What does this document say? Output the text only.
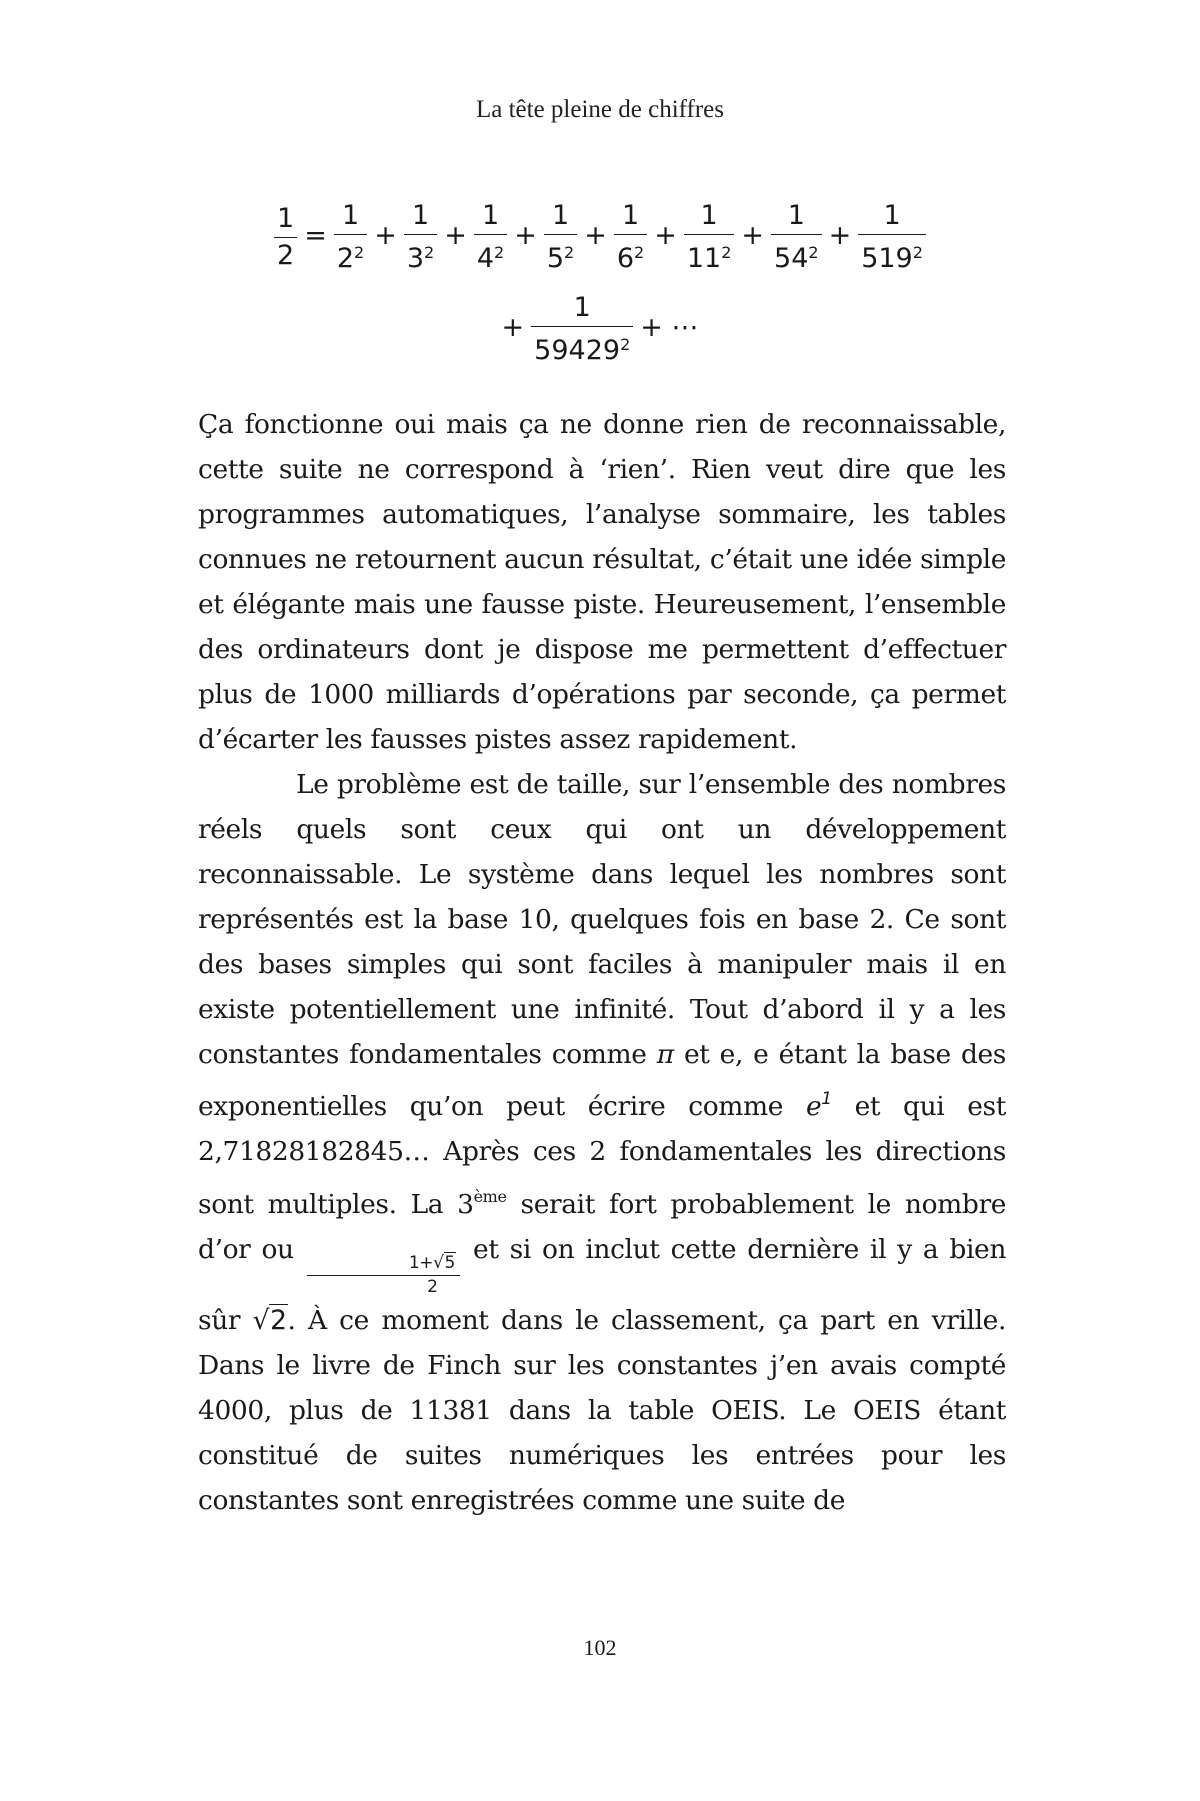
La tête pleine de chiffres
$\frac{1}{2} = \frac{1}{2^2} + \frac{1}{3^2} + \frac{1}{4^2} + \frac{1}{5^2} + \frac{1}{6^2} + \frac{1}{11^2} + \frac{1}{54^2} + \frac{1}{519^2}$
+ $\frac{1}{59429^2}$ + ⋯

Ça fonctionne oui mais ça ne donne rien de reconnaissable, cette suite ne correspond à ‘rien’. Rien veut dire que les programmes automatiques, l’analyse sommaire, les tables connues ne retournent aucun résultat, c’était une idée simple et élégante mais une fausse piste. Heureusement, l’ensemble des ordinateurs dont je dispose me permettent d’effectuer plus de 1000 milliards d’opérations par seconde, ça permet d’écarter les fausses pistes assez rapidement.

Le problème est de taille, sur l’ensemble des nombres réels quels sont ceux qui ont un développement reconnaissable. Le système dans lequel les nombres sont représentés est la base 10, quelques fois en base 2. Ce sont des bases simples qui sont faciles à manipuler mais il en existe potentiellement une infinité. Tout d’abord il y a les constantes fondamentales comme π et e, e étant la base des exponentielles qu’on peut écrire comme $e^1$ et qui est 2,71828182845… Après ces 2 fondamentales les directions sont multiples. La 3ème serait fort probablement le nombre d’or ou
$\frac{1+√5}{2}$
et si on inclut cette dernière il y a bien sûr √2. À ce moment dans le classement, ça part en vrille. Dans le livre de Finch sur les constantes j’en avais compté 4000, plus de 11381 dans la table OEIS. Le OEIS étant constitué de suites numériques les entrées pour les constantes sont enregistrées comme une suite de

102
